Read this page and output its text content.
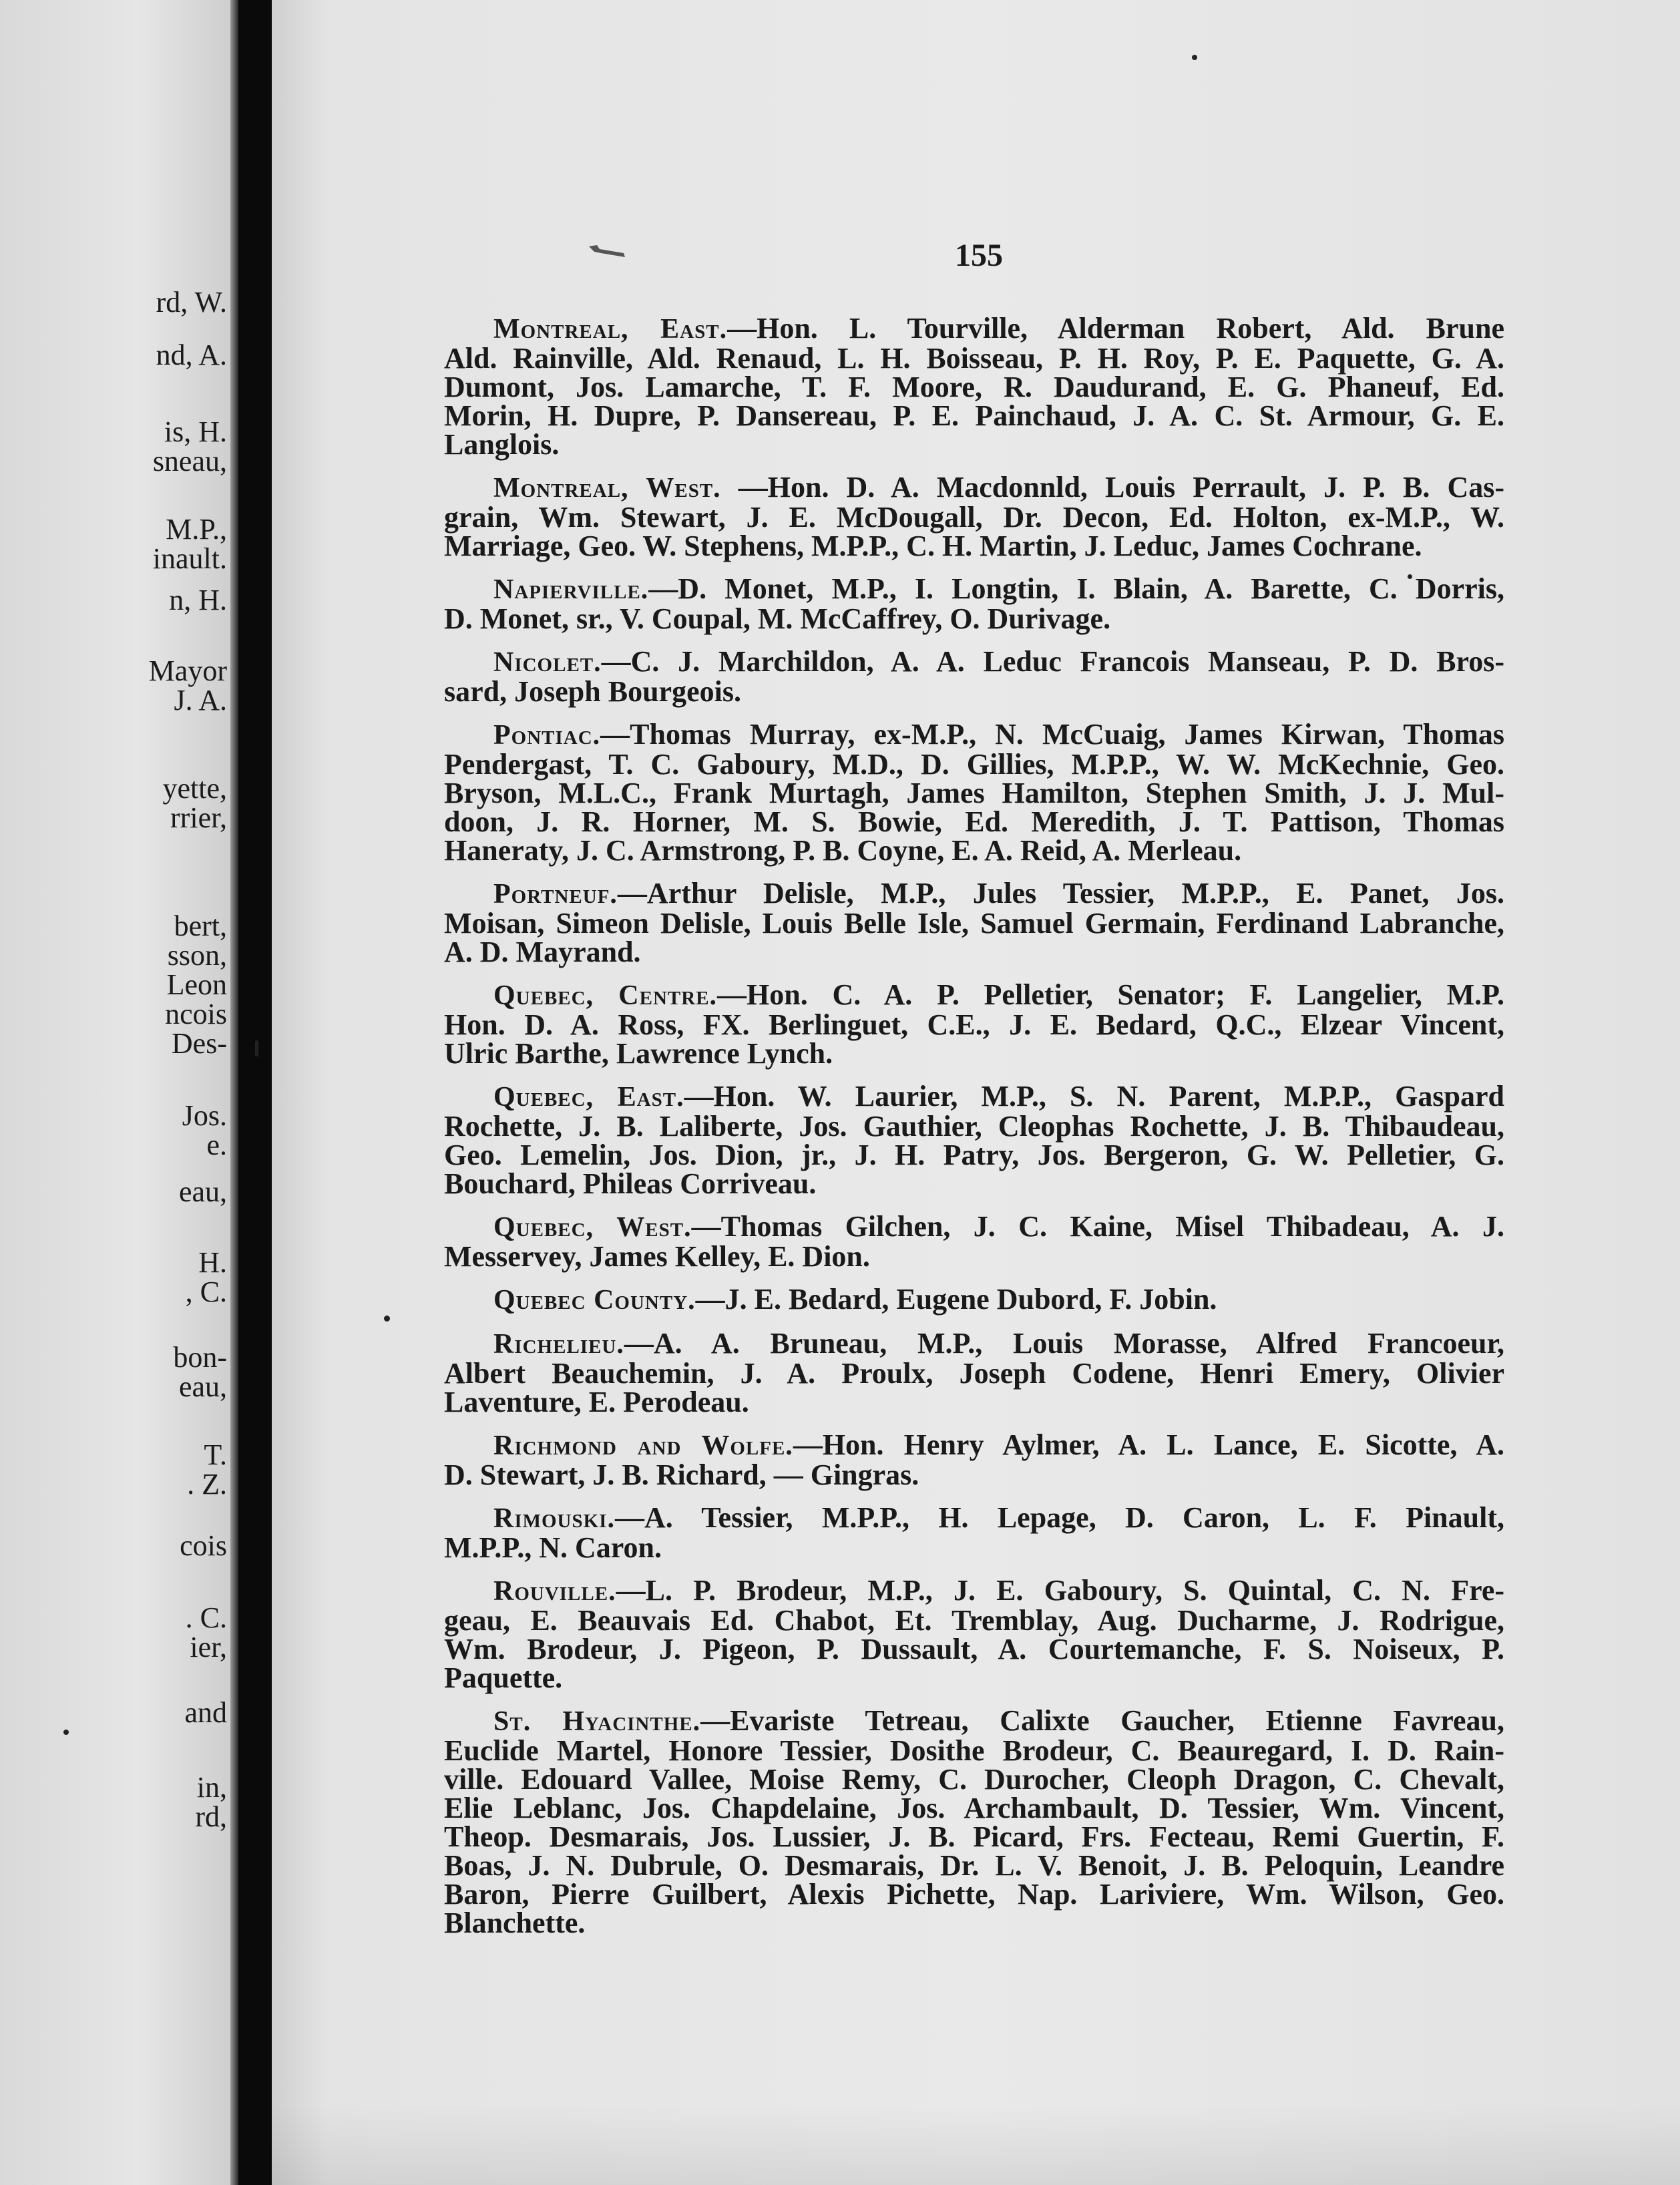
rd, W.
nd, A.
is, H.
sneau,
M.P.,
inault.
n, H.
Mayor
J. A.
yette,
rrier,
bert,
sson,
Leon
ncois
Des-
Jos.
e.
eau,
H.
, C.
bon-
eau,
T.
. Z.
cois
. C.
ier,
and
in,
rd,
155
Montreal, East.—Hon. L. Tourville, Alderman Robert, Ald. Brune
Ald. Rainville, Ald. Renaud, L. H. Boisseau, P. H. Roy, P. E. Paquette, G. A.
Dumont, Jos. Lamarche, T. F. Moore, R. Daudurand, E. G. Phaneuf, Ed.
Morin, H. Dupre, P. Dansereau, P. E. Painchaud, J. A. C. St. Armour, G. E.
Langlois.
Montreal, West. —Hon. D. A. Macdonnld, Louis Perrault, J. P. B. Cas-
grain, Wm. Stewart, J. E. McDougall, Dr. Decon, Ed. Holton, ex-M.P., W.
Marriage, Geo. W. Stephens, M.P.P., C. H. Martin, J. Leduc, James Cochrane.
Napierville.—D. Monet, M.P., I. Longtin, I. Blain, A. Barette, C. Dorris,
D. Monet, sr., V. Coupal, M. McCaffrey, O. Durivage.
Nicolet.—C. J. Marchildon, A. A. Leduc Francois Manseau, P. D. Bros-
sard, Joseph Bourgeois.
Pontiac.—Thomas Murray, ex-M.P., N. McCuaig, James Kirwan, Thomas
Pendergast, T. C. Gaboury, M.D., D. Gillies, M.P.P., W. W. McKechnie, Geo.
Bryson, M.L.C., Frank Murtagh, James Hamilton, Stephen Smith, J. J. Mul-
doon, J. R. Horner, M. S. Bowie, Ed. Meredith, J. T. Pattison, Thomas
Haneraty, J. C. Armstrong, P. B. Coyne, E. A. Reid, A. Merleau.
Portneuf.—Arthur Delisle, M.P., Jules Tessier, M.P.P., E. Panet, Jos.
Moisan, Simeon Delisle, Louis Belle Isle, Samuel Germain, Ferdinand Labranche,
A. D. Mayrand.
Quebec, Centre.—Hon. C. A. P. Pelletier, Senator; F. Langelier, M.P.
Hon. D. A. Ross, FX. Berlinguet, C.E., J. E. Bedard, Q.C., Elzear Vincent,
Ulric Barthe, Lawrence Lynch.
Quebec, East.—Hon. W. Laurier, M.P., S. N. Parent, M.P.P., Gaspard
Rochette, J. B. Laliberte, Jos. Gauthier, Cleophas Rochette, J. B. Thibaudeau,
Geo. Lemelin, Jos. Dion, jr., J. H. Patry, Jos. Bergeron, G. W. Pelletier, G.
Bouchard, Phileas Corriveau.
Quebec, West.—Thomas Gilchen, J. C. Kaine, Misel Thibadeau, A. J.
Messervey, James Kelley, E. Dion.
Quebec County.—J. E. Bedard, Eugene Dubord, F. Jobin.
Richelieu.—A. A. Bruneau, M.P., Louis Morasse, Alfred Francoeur,
Albert Beauchemin, J. A. Proulx, Joseph Codene, Henri Emery, Olivier
Laventure, E. Perodeau.
Richmond and Wolfe.—Hon. Henry Aylmer, A. L. Lance, E. Sicotte, A.
D. Stewart, J. B. Richard, — Gingras.
Rimouski.—A. Tessier, M.P.P., H. Lepage, D. Caron, L. F. Pinault,
M.P.P., N. Caron.
Rouville.—L. P. Brodeur, M.P., J. E. Gaboury, S. Quintal, C. N. Fre-
geau, E. Beauvais Ed. Chabot, Et. Tremblay, Aug. Ducharme, J. Rodrigue,
Wm. Brodeur, J. Pigeon, P. Dussault, A. Courtemanche, F. S. Noiseux, P.
Paquette.
St. Hyacinthe.—Evariste Tetreau, Calixte Gaucher, Etienne Favreau,
Euclide Martel, Honore Tessier, Dosithe Brodeur, C. Beauregard, I. D. Rain-
ville. Edouard Vallee, Moise Remy, C. Durocher, Cleoph Dragon, C. Chevalt,
Elie Leblanc, Jos. Chapdelaine, Jos. Archambault, D. Tessier, Wm. Vincent,
Theop. Desmarais, Jos. Lussier, J. B. Picard, Frs. Fecteau, Remi Guertin, F.
Boas, J. N. Dubrule, O. Desmarais, Dr. L. V. Benoit, J. B. Peloquin, Leandre
Baron, Pierre Guilbert, Alexis Pichette, Nap. Lariviere, Wm. Wilson, Geo.
Blanchette.
